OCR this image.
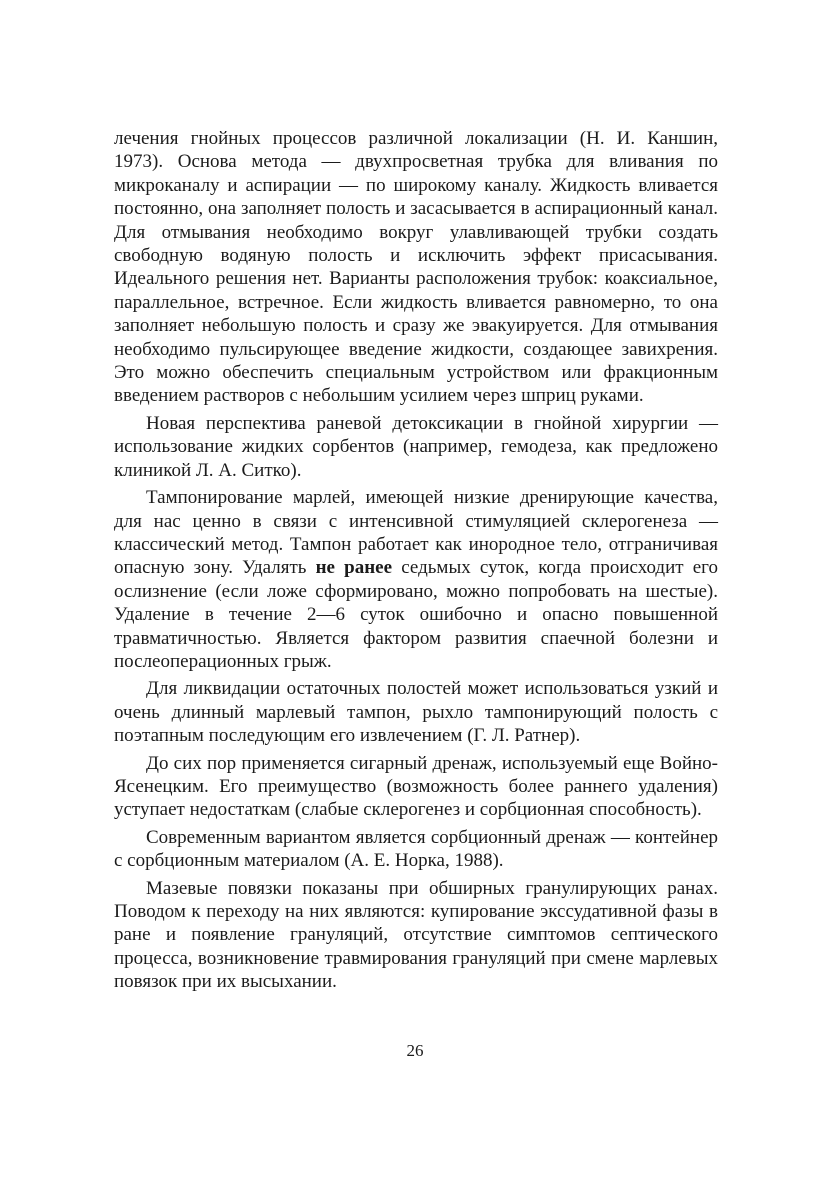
лечения гнойных процессов различной локализации (Н. И. Каншин, 1973). Основа метода — двухпросветная трубка для вливания по микроканалу и аспирации — по широкому каналу. Жидкость вливается постоянно, она заполняет полость и засасывается в аспирационный канал. Для отмывания необходимо вокруг улавливающей трубки создать свободную водяную полость и исключить эффект присасывания. Идеального решения нет. Варианты расположения трубок: коаксиальное, параллельное, встречное. Если жидкость вливается равномерно, то она заполняет небольшую полость и сразу же эвакуируется. Для отмывания необходимо пульсирующее введение жидкости, создающее завихрения. Это можно обеспечить специальным устройством или фракционным введением растворов с небольшим усилием через шприц руками.

Новая перспектива раневой детоксикации в гнойной хирургии — использование жидких сорбентов (например, гемодеза, как предложено клиникой Л. А. Ситко).

Тампонирование марлей, имеющей низкие дренирующие качества, для нас ценно в связи с интенсивной стимуляцией склерогенеза — классический метод. Тампон работает как инородное тело, отграничивая опасную зону. Удалять не ранее седьмых суток, когда происходит его ослизнение (если ложе сформировано, можно попробовать на шестые). Удаление в течение 2—6 суток ошибочно и опасно повышенной травматичностью. Является фактором развития спаечной болезни и послеоперационных грыж.

Для ликвидации остаточных полостей может использоваться узкий и очень длинный марлевый тампон, рыхло тампонирующий полость с поэтапным последующим его извлечением (Г. Л. Ратнер).

До сих пор применяется сигарный дренаж, используемый еще Войно-Ясенецким. Его преимущество (возможность более раннего удаления) уступает недостаткам (слабые склерогенез и сорбционная способность).

Современным вариантом является сорбционный дренаж — контейнер с сорбционным материалом (А. Е. Норка, 1988).

Мазевые повязки показаны при обширных гранулирующих ранах. Поводом к переходу на них являются: купирование экссудативной фазы в ране и появление грануляций, отсутствие симптомов септического процесса, возникновение травмирования грануляций при смене марлевых повязок при их высыхании.

26
